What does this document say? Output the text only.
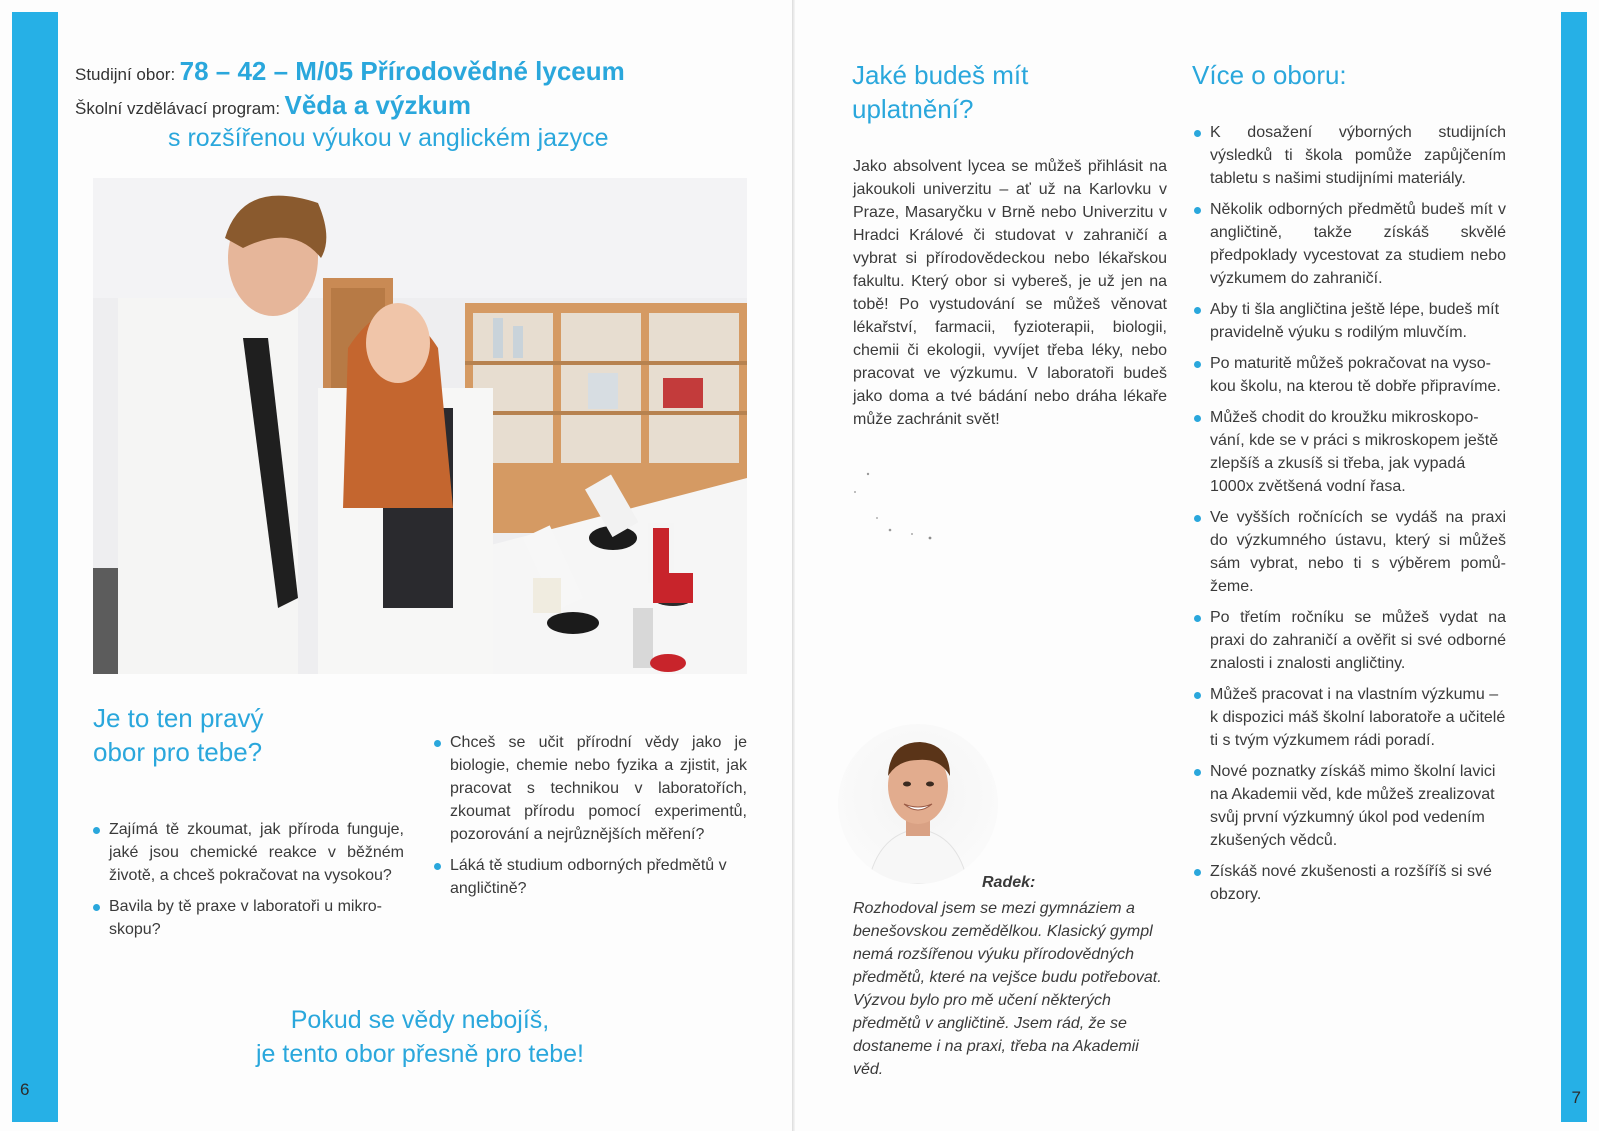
6
Studijní obor: 78 – 42 – M/05 Přírodovědné lyceum
Školní vzdělávací program: Věda a výzkum
s rozšířenou výukou v anglickém jazyce
Je to ten pravý
obor pro tebe?
Zajímá tě zkoumat, jak příroda funguje, jaké jsou chemické reakce v běžném životě, a chceš pokračovat na vysokou?
Bavila by tě praxe v laboratoři u mikro-skopu?
Chceš se učit přírodní vědy jako je biologie, chemie nebo fyzika a zjistit, jak pracovat s technikou v laboratořích, zkoumat přírodu pomocí experimentů, pozorování a nejrůznějších měření?
Láká tě studium odborných předmětů v angličtině?
Pokud se vědy nebojíš,
je tento obor přesně pro tebe!
7
Jaké budeš mít
uplatnění?
Jako absolvent lycea se můžeš přihlásit na jakoukoli univerzitu – ať už na Karlovku v Praze, Masaryčku v Brně nebo Univerzitu v Hradci Králové či studovat v zahraničí a vybrat si přírodovědeckou nebo lékařskou fakultu. Který obor si vybereš, je už jen na tobě! Po vystudování se můžeš věnovat lékařství, farmacii, fyzioterapii, biologii, chemii či ekologii, vyvíjet třeba léky, nebo pracovat ve výzkumu. V laboratoři budeš jako doma a tvé bádání nebo dráha lékaře může zachránit svět!
Radek:
Rozhodoval jsem se mezi gymnáziem a benešovskou zemědělkou. Klasický gympl nemá rozšířenou výuku přírodovědných předmětů, které na vejšce budu potřebovat. Výzvou bylo pro mě učení některých předmětů v angličtině. Jsem rád, že se dostaneme i na praxi, třeba na Akademii věd.
Více o oboru:
K dosažení výborných studijních výsledků ti škola pomůže zapůjčením tabletu s našimi studijními materiály.
Několik odborných předmětů budeš mít v angličtině, takže získáš skvělé předpoklady vycestovat za studiem nebo výzkumem do zahraničí.
Aby ti šla angličtina ještě lépe, budeš mít pravidelně výuku s rodilým mluvčím.
Po maturitě můžeš pokračovat na vyso-kou školu, na kterou tě dobře připravíme.
Můžeš chodit do kroužku mikroskopo-vání, kde se v práci s mikroskopem ještě zlepšíš a zkusíš si třeba, jak vypadá 1000x zvětšená vodní řasa.
Ve vyšších ročnících se vydáš na praxi do výzkumného ústavu, který si můžeš sám vybrat, nebo ti s výběrem pomů-žeme.
Po třetím ročníku se můžeš vydat na praxi do zahraničí a ověřit si své odborné znalosti i znalosti angličtiny.
Můžeš pracovat i na vlastním výzkumu – k dispozici máš školní laboratoře a učitelé ti s tvým výzkumem rádi poradí.
Nové poznatky získáš mimo školní lavici na Akademii věd, kde můžeš zrealizovat svůj první výzkumný úkol pod vedením zkušených vědců.
Získáš nové zkušenosti a rozšíříš si své obzory.
